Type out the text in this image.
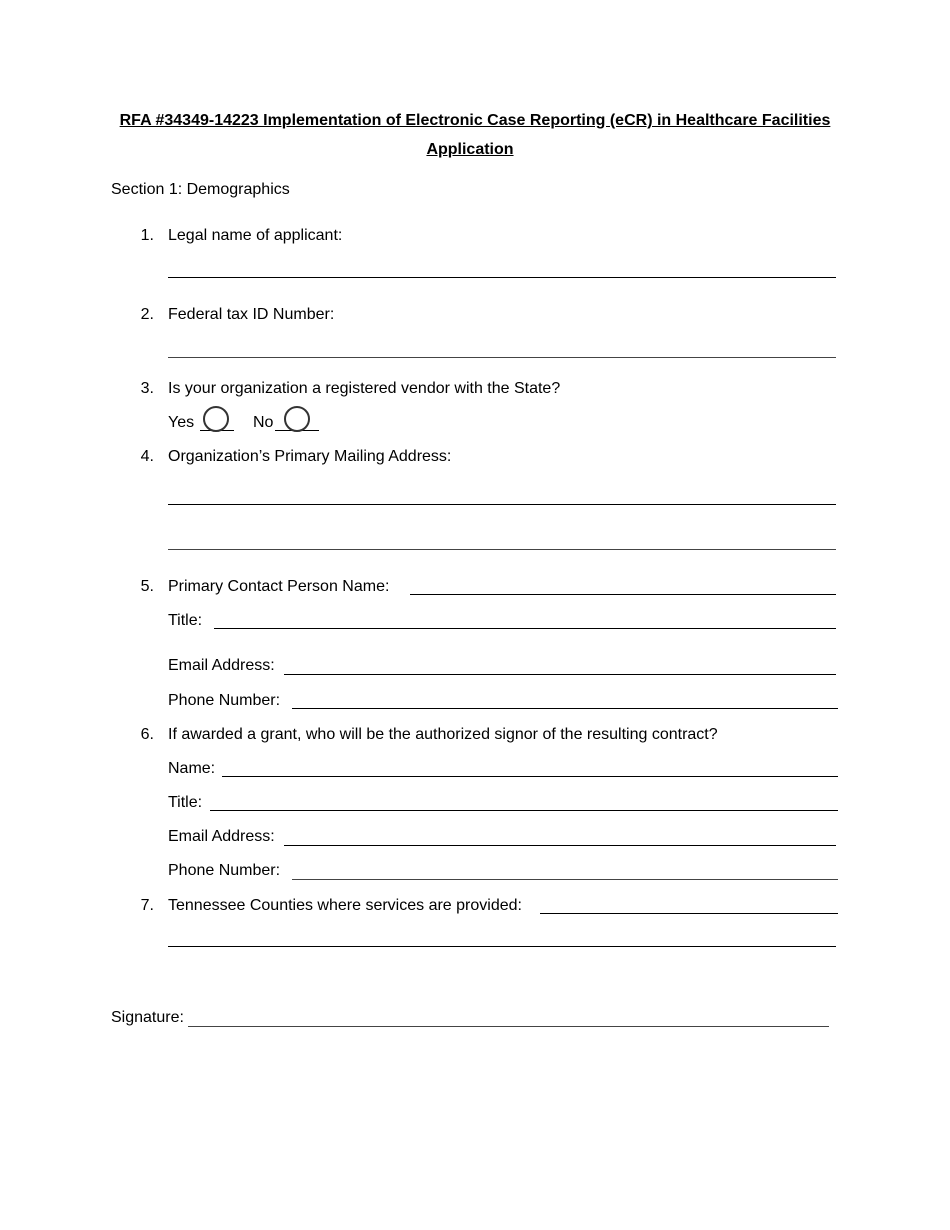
RFA #34349-14223 Implementation of Electronic Case Reporting (eCR) in Healthcare Facilities
Application
Section 1: Demographics
1. Legal name of applicant:
2. Federal tax ID Number:
3. Is your organization a registered vendor with the State?
Yes	No
4. Organization’s Primary Mailing Address:
5. Primary Contact Person Name:
Title:
Email Address:
Phone Number:
6. If awarded a grant, who will be the authorized signor of the resulting contract?
Name:
Title:
Email Address:
Phone Number:
7. Tennessee Counties where services are provided:
Signature:
